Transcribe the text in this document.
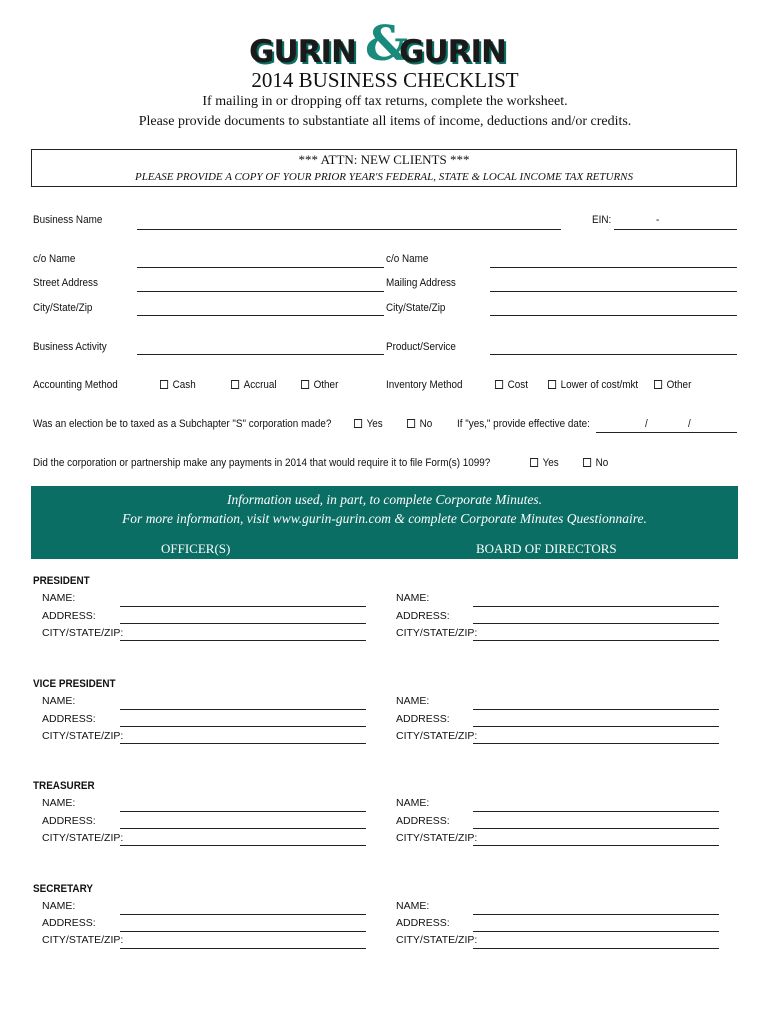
GURIN &
GURIN
2014 BUSINESS CHECKLIST
If mailing in or dropping off tax returns, complete the worksheet.
Please provide documents to substantiate all items of income, deductions and/or credits.
*** ATTN: NEW CLIENTS ***
PLEASE PROVIDE A COPY OF YOUR PRIOR YEAR'S FEDERAL, STATE & LOCAL INCOME TAX RETURNS
Business Name	EIN:	-
c/o Name	c/o Name
Street Address	Mailing Address
City/State/Zip	City/State/Zip
Business Activity	Product/Service
Accounting Method	Cash	Accrual	Other	Inventory Method	Cost	Lower of cost/mkt	Other
Was an election be to taxed as a Subchapter "S" corporation made?	Yes	No If "yes," provide effective date:	/	/
Did the corporation or partnership make any payments in 2014 that would require it to file Form(s) 1099?	Yes	No
Information used, in part, to complete Corporate Minutes.
For more information, visit www.gurin-gurin.com & complete Corporate Minutes Questionnaire.
OFFICER(S)	BOARD OF DIRECTORS
PRESIDENT
NAME:
ADDRESS:
CITY/STATE/ZIP:
NAME:
ADDRESS:
CITY/STATE/ZIP:
VICE PRESIDENT
NAME:
ADDRESS:
CITY/STATE/ZIP:
NAME:
ADDRESS:
CITY/STATE/ZIP:
TREASURER
NAME:
ADDRESS:
CITY/STATE/ZIP:
NAME:
ADDRESS:
CITY/STATE/ZIP:
SECRETARY
NAME:
ADDRESS:
CITY/STATE/ZIP:
NAME:
ADDRESS:
CITY/STATE/ZIP:
